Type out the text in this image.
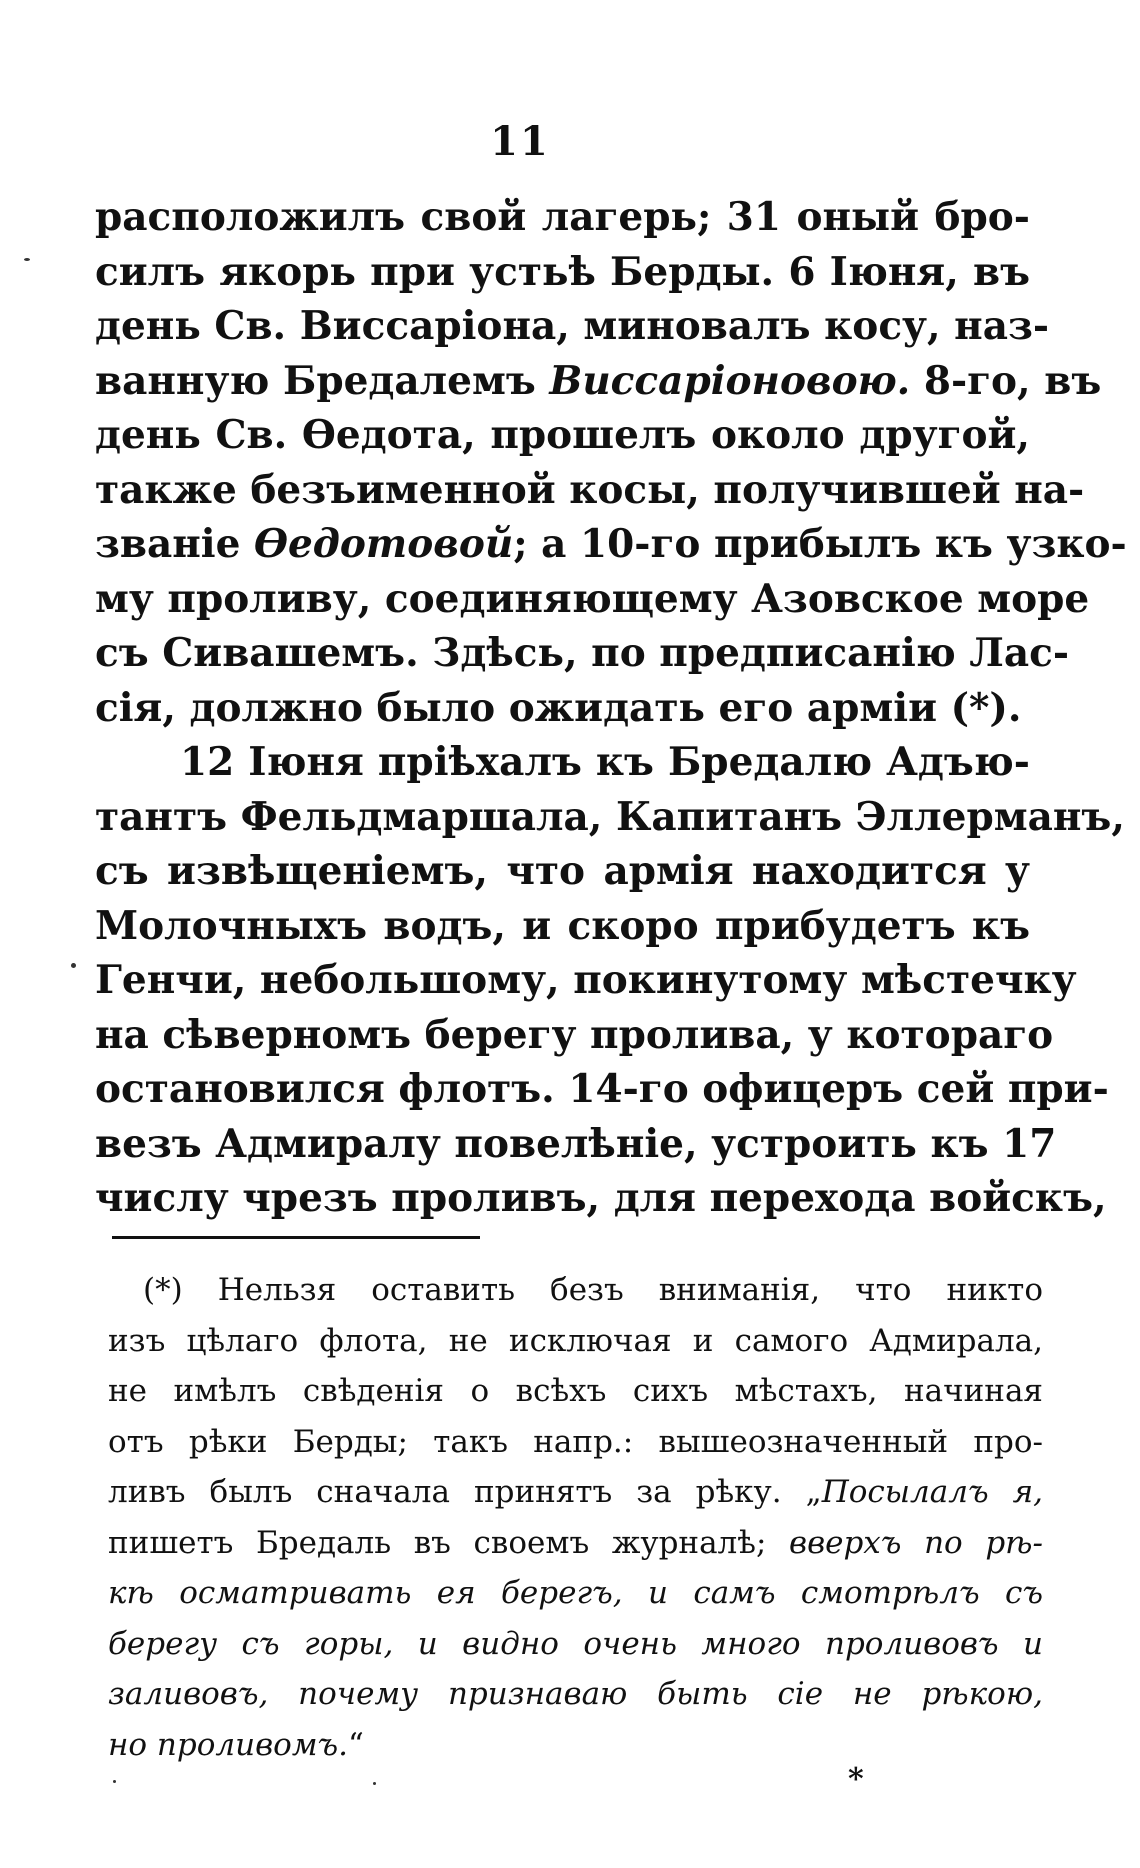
11
расположилъ свой лагерь; 31 оный бро-
силъ якорь при устьѣ Берды. 6 Іюня, въ
день Св. Виссаріона, миновалъ косу, наз-
ванную Бредалемъ Виссаріоновою. 8-го, въ
день Св. Өедота, прошелъ около другой,
также безъименной косы, получившей на-
званіе Өедотовой; а 10-го прибылъ къ узко-
му проливу, соединяющему Азовское море
съ Сивашемъ. Здѣсь, по предписанію Лас-
сія, должно было ожидать его арміи (*).
12 Іюня пріѣхалъ къ Бредалю Адъю-
тантъ Фельдмаршала, Капитанъ Эллерманъ,
съ извѣщеніемъ, что армія находится у
Молочныхъ водъ, и скоро прибудетъ къ
Генчи, небольшому, покинутому мѣстечку
на сѣверномъ берегу пролива, у котораго
остановился флотъ. 14-го офицеръ сей при-
везъ Адмиралу повелѣніе, устроить къ 17
числу чрезъ проливъ, для перехода войскъ,
(*) Нельзя оставить безъ вниманія, что никто
изъ цѣлаго флота, не исключая и самого Адмирала,
не имѣлъ свѣденія о всѣхъ сихъ мѣстахъ, начиная
отъ рѣки Берды; такъ напр.: вышеозначенный про-
ливъ былъ сначала принятъ за рѣку. „Посылалъ я,
пишетъ Бредаль въ своемъ журналѣ; вверхъ по рѣ-
кѣ осматривать ея берегъ, и самъ смотрѣлъ съ
берегу съ горы, и видно очень много проливовъ и
заливовъ, почему признаваю быть сіе не рѣкою,
но проливомъ.“
*
